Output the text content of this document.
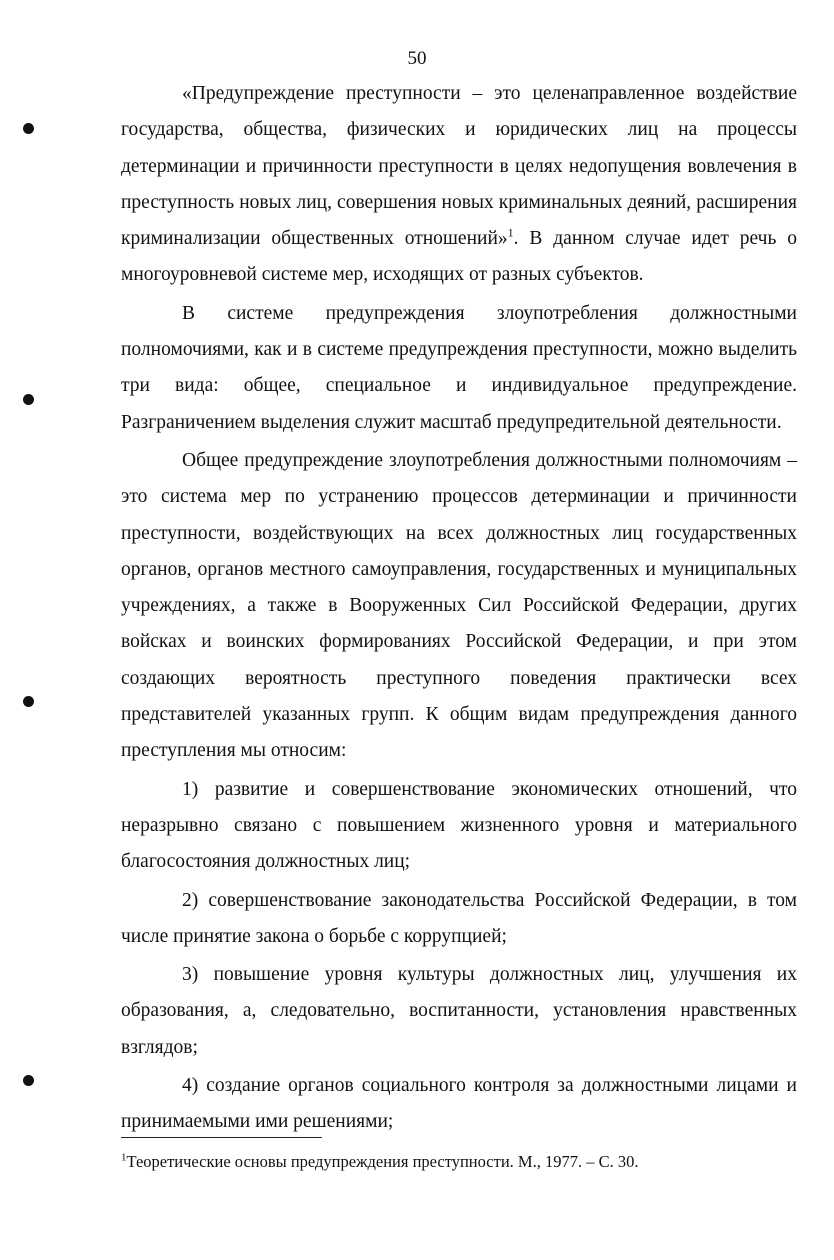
50

«Предупреждение преступности – это целенаправленное воздействие государства, общества, физических и юридических лиц на процессы детерминации и причинности преступности в целях недопущения вовлечения в преступность новых лиц, совершения новых криминальных деяний, расширения криминализации общественных отношений»$^1$. В данном случае идет речь о многоуровневой системе мер, исходящих от разных субъектов.

В системе предупреждения злоупотребления должностными полномочиями, как и в системе предупреждения преступности, можно выделить три вида: общее, специальное и индивидуальное предупреждение. Разграничением выделения служит масштаб предупредительной деятельности.

Общее предупреждение злоупотребления должностными полномочиям – это система мер по устранению процессов детерминации и причинности преступности, воздействующих на всех должностных лиц государственных органов, органов местного самоуправления, государственных и муниципальных учреждениях, а также в Вооруженных Сил Российской Федерации, других войсках и воинских формированиях Российской Федерации, и при этом создающих вероятность преступного поведения практически всех представителей указанных групп. К общим видам предупреждения данного преступления мы относим:

1) развитие и совершенствование экономических отношений, что неразрывно связано с повышением жизненного уровня и материального благосостояния должностных лиц;

2) совершенствование законодательства Российской Федерации, в том числе принятие закона о борьбе с коррупцией;

3) повышение уровня культуры должностных лиц, улучшения их образования, а, следовательно, воспитанности, установления нравственных взглядов;

4) создание органов социального контроля за должностными лицами и принимаемыми ими решениями;

$^1$Теоретические основы предупреждения преступности. М., 1977. – С. 30.
